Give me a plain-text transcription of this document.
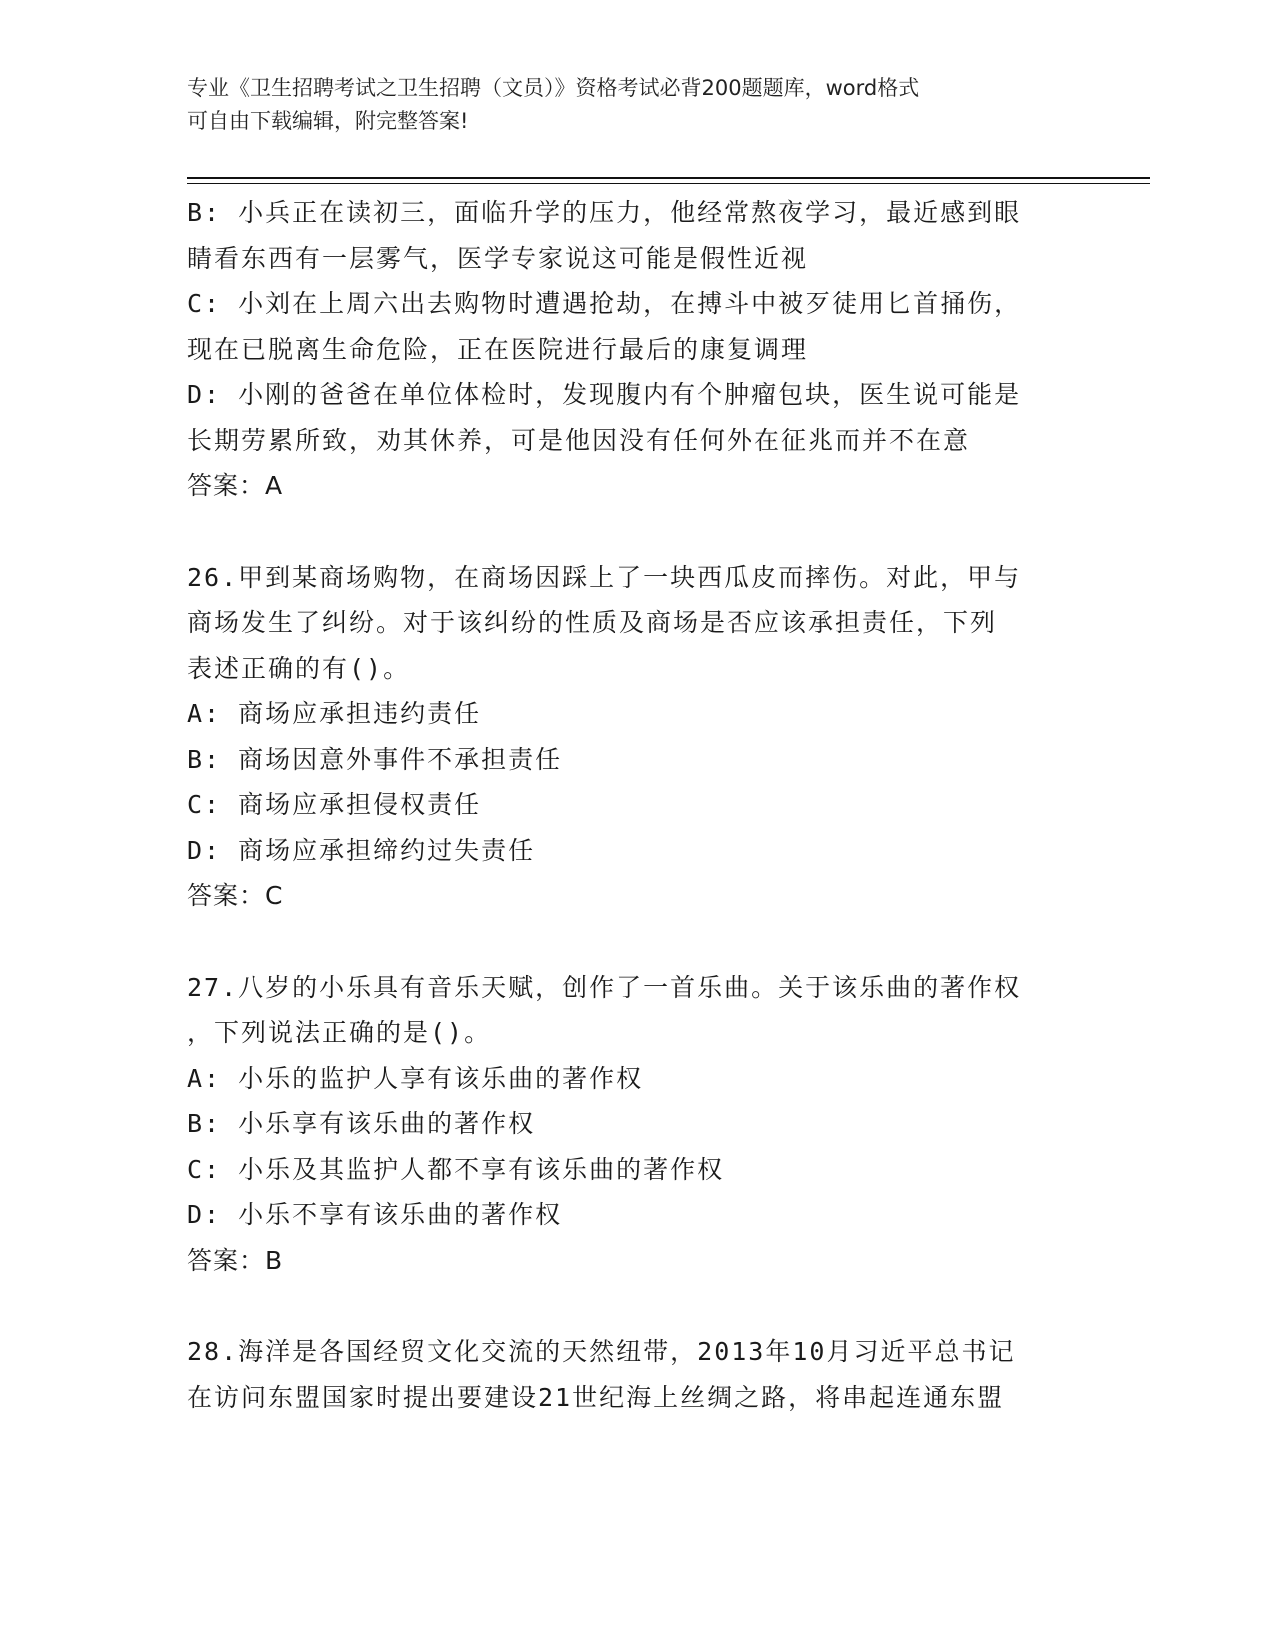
专业《卫生招聘考试之卫生招聘（文员）》资格考试必背200题题库，word格式
可自由下载编辑，附完整答案!
B: 小兵正在读初三，面临升学的压力，他经常熬夜学习，最近感到眼
睛看东西有一层雾气，医学专家说这可能是假性近视
C: 小刘在上周六出去购物时遭遇抢劫，在搏斗中被歹徒用匕首捅伤，
现在已脱离生命危险，正在医院进行最后的康复调理
D: 小刚的爸爸在单位体检时，发现腹内有个肿瘤包块，医生说可能是
长期劳累所致，劝其休养，可是他因没有任何外在征兆而并不在意
答案：A
26.甲到某商场购物，在商场因踩上了一块西瓜皮而摔伤。对此，甲与
商场发生了纠纷。对于该纠纷的性质及商场是否应该承担责任，下列
表述正确的有()。
A: 商场应承担违约责任
B: 商场因意外事件不承担责任
C: 商场应承担侵权责任
D: 商场应承担缔约过失责任
答案：C
27.八岁的小乐具有音乐天赋，创作了一首乐曲。关于该乐曲的著作权
，下列说法正确的是()。
A: 小乐的监护人享有该乐曲的著作权
B: 小乐享有该乐曲的著作权
C: 小乐及其监护人都不享有该乐曲的著作权
D: 小乐不享有该乐曲的著作权
答案：B
28.海洋是各国经贸文化交流的天然纽带，2013年10月习近平总书记
在访问东盟国家时提出要建设21世纪海上丝绸之路，将串起连通东盟
